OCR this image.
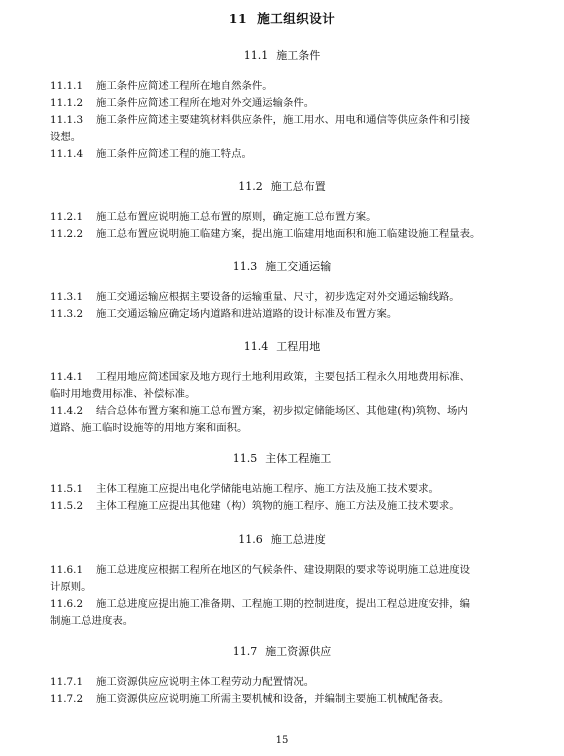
11 施工组织设计
11.1 施工条件
11.1.1 施工条件应简述工程所在地自然条件。
11.1.2 施工条件应简述工程所在地对外交通运输条件。
11.1.3 施工条件应简述主要建筑材料供应条件，施工用水、用电和通信等供应条件和引接
设想。
11.1.4 施工条件应简述工程的施工特点。
11.2 施工总布置
11.2.1 施工总布置应说明施工总布置的原则，确定施工总布置方案。
11.2.2 施工总布置应说明施工临建方案，提出施工临建用地面积和施工临建设施工程量表。
11.3 施工交通运输
11.3.1 施工交通运输应根据主要设备的运输重量、尺寸，初步选定对外交通运输线路。
11.3.2 施工交通运输应确定场内道路和进站道路的设计标准及布置方案。
11.4 工程用地
11.4.1 工程用地应简述国家及地方现行土地利用政策，主要包括工程永久用地费用标准、
临时用地费用标准、补偿标准。
11.4.2 结合总体布置方案和施工总布置方案，初步拟定储能场区、其他建(构)筑物、场内
道路、施工临时设施等的用地方案和面积。
11.5 主体工程施工
11.5.1 主体工程施工应提出电化学储能电站施工程序、施工方法及施工技术要求。
11.5.2 主体工程施工应提出其他建（构）筑物的施工程序、施工方法及施工技术要求。
11.6 施工总进度
11.6.1 施工总进度应根据工程所在地区的气候条件、建设期限的要求等说明施工总进度设
计原则。
11.6.2 施工总进度应提出施工准备期、工程施工期的控制进度，提出工程总进度安排，编
制施工总进度表。
11.7 施工资源供应
11.7.1 施工资源供应应说明主体工程劳动力配置情况。
11.7.2 施工资源供应应说明施工所需主要机械和设备，并编制主要施工机械配备表。
15
